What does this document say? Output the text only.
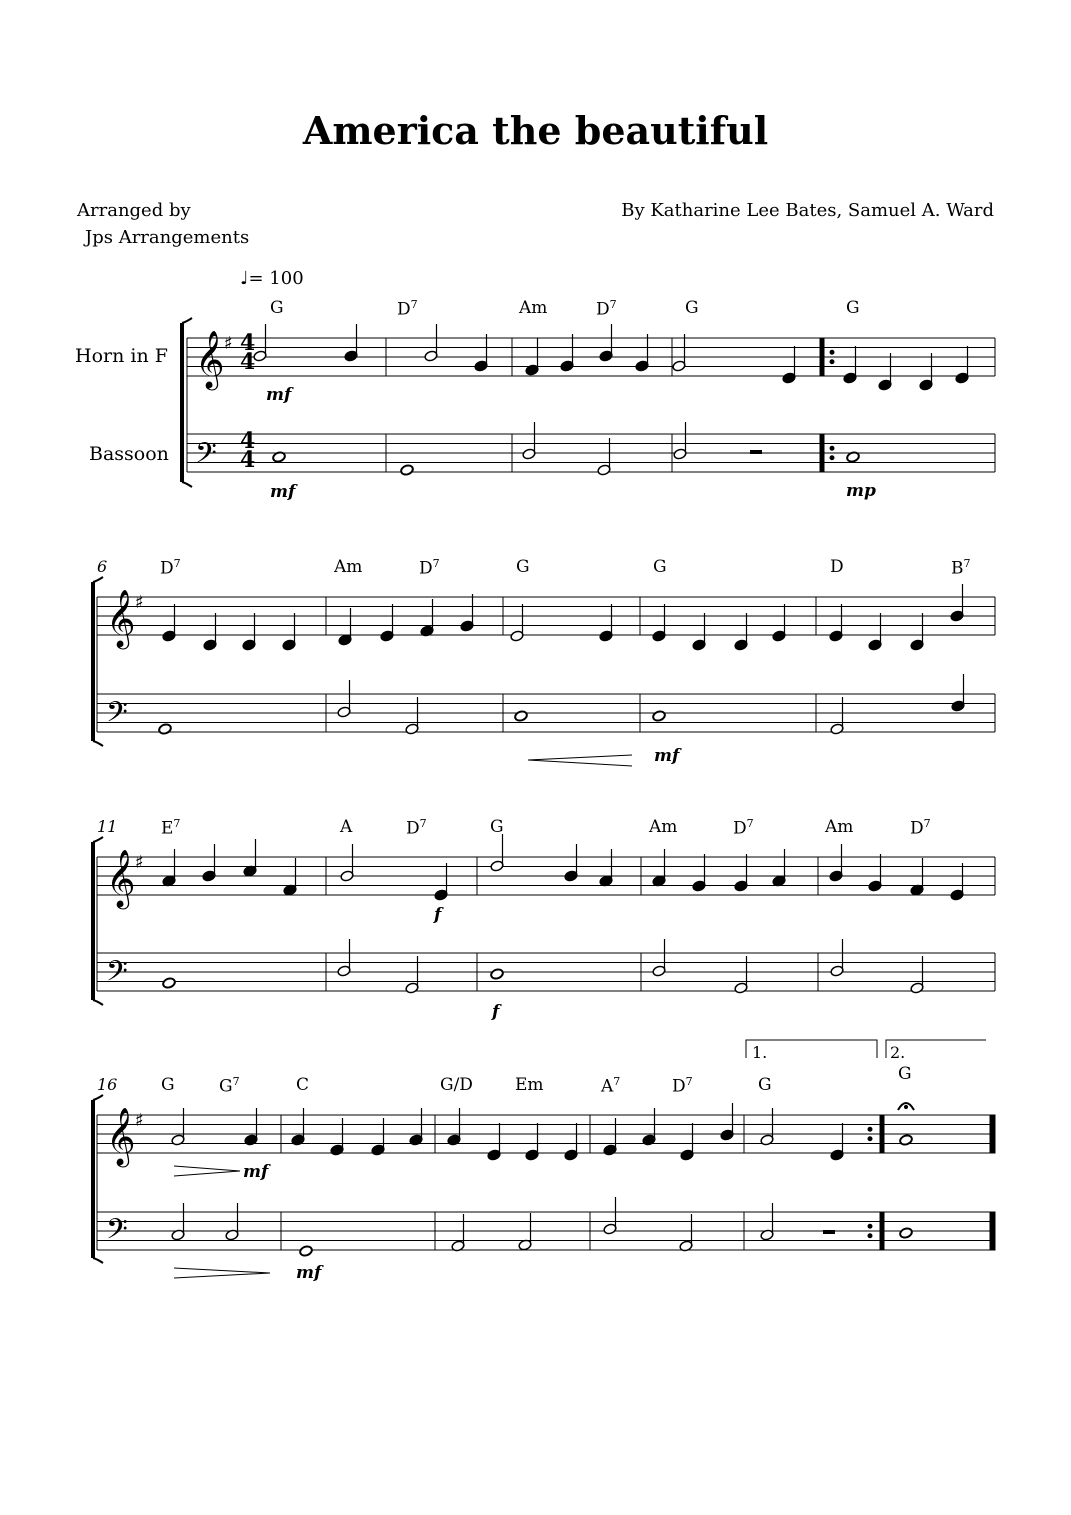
America the beautiful
Arranged by
Jps Arrangements
By Katharine Lee Bates, Samuel A. Ward
♩= 100
Horn in F
Bassoon
6
11
16
G	$D^7$	Am	$D^7$	G	G
$D^7$	Am	$D^7$	G	G	D	$B^7$
$E^7$	A	$D^7$	G	Am	$D^7$	Am	$D^7$
G	$G^7$	C	G/D Em	$A^7$	$D^7$	G
G
1.	2.
mf
mf	mp
mf
f
f
mf
mf
𝄞
𝄢
𝄞
𝄢
𝄞
𝄢
𝄞
𝄢
♯
♯
♯
♯
4
4
4
4
